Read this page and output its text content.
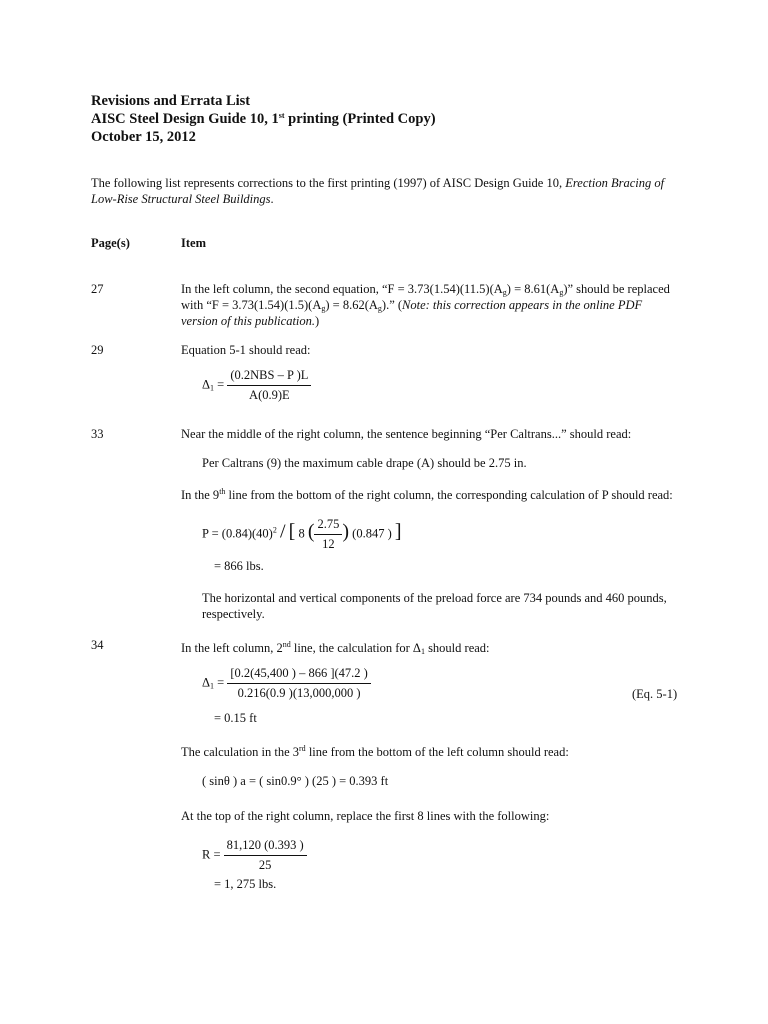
Revisions and Errata List
AISC Steel Design Guide 10, 1st printing (Printed Copy)
October 15, 2012
The following list represents corrections to the first printing (1997) of AISC Design Guide 10, Erection Bracing of
Low-Rise Structural Steel Buildings.
Page(s)	Item
27	In the left column, the second equation, “$F = 3.73(1.54)(11.5)(A_g) = 8.61(A_g)$” should be replaced
with “$F = 3.73(1.54)(1.5)(A_g) = 8.62(A_g)$.” (Note: this correction appears in the online PDF
version of this publication.)
29	Equation 5-1 should read:
$\Delta_1 = \frac{\text{(0.2NBS – P )L}}{A(0.9)E}$
33	Near the middle of the right column, the sentence beginning “Per Caltrans...” should read:
Per Caltrans (9) the maximum cable drape (A) should be 2.75 in.
In the 9th line from the bottom of the right column, the corresponding calculation of P should read:
$P = (0.84)(40)^2$ / [ 8 ( $\frac{2.75}{12}$ ) (0.847 ) ]
= 866 lbs.
The horizontal and vertical components of the preload force are 734 pounds and 460 pounds,
respectively.
34	In the left column, 2nd line, the calculation for $\Delta_1$ should read:
$\Delta_1 = \frac{[0.2(45,400 ) - 866 ](47.2 )}{0.216(0.9 )(13,000,000 )}$	(Eq. 5-1)
= 0.15 ft
The calculation in the 3rd line from the bottom of the left column should read:
( sinθ ) a = ( sin0.9° ) (25 ) = 0.393 ft
At the top of the right column, replace the first 8 lines with the following:
$R = \frac{81,120 (0.393 )}{25}$
= 1, 275 lbs.
